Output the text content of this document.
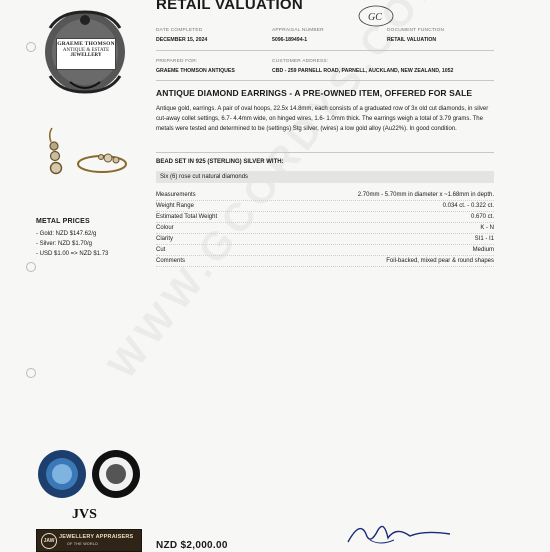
GRAEME THOMSON
ANTIQUE & ESTATE
JEWELLERY
RETAIL VALUATION
GC
DATE COMPLETED
DECEMBER 15, 2024
APPRAISAL NUMBER
5096-189494-1
DOCUMENT FUNCTION
RETAIL VALUATION
PREPARED FOR:
GRAEME THOMSON ANTIQUES
CUSTOMER ADDRESS:
CBD - 259 PARNELL ROAD, PARNELL, AUCKLAND, NEW ZEALAND, 1052
ANTIQUE DIAMOND EARRINGS - A PRE-OWNED ITEM, OFFERED FOR SALE
Antique gold, earrings. A pair of oval hoops, 22.5x 14.8mm, each consists of a graduated row of 3x old cut diamonds, in silver cut-away collet settings, 6.7- 4.4mm wide, on hinged wires, 1.6- 1.0mm thick. The earrings weigh a total of 3.79 grams. The metals were tested and determined to be (settings) Stg silver, (wires) a low gold alloy (Au22%). In good condition.
BEAD SET IN 925 (STERLING) SILVER WITH:
Six (6) rose cut natural diamonds
Measurements	2.70mm - 5.70mm in diameter x ~1.68mm in depth.
Weight Range	0.034 ct. - 0.322 ct.
Estimated Total Weight	0.670 ct.
Colour	K - N
Clarity	SI1 - I1
Cut	Medium
Comments	Foil-backed, mixed pear & round shapes
METAL PRICES
- Gold: NZD $147.62/g
- Silver: NZD $1.70/g
- USD $1.00 => NZD $1.73
JVS
JAW
JEWELLERY APPRAISERS
OF THE WORLD	NZD $2,000.00
